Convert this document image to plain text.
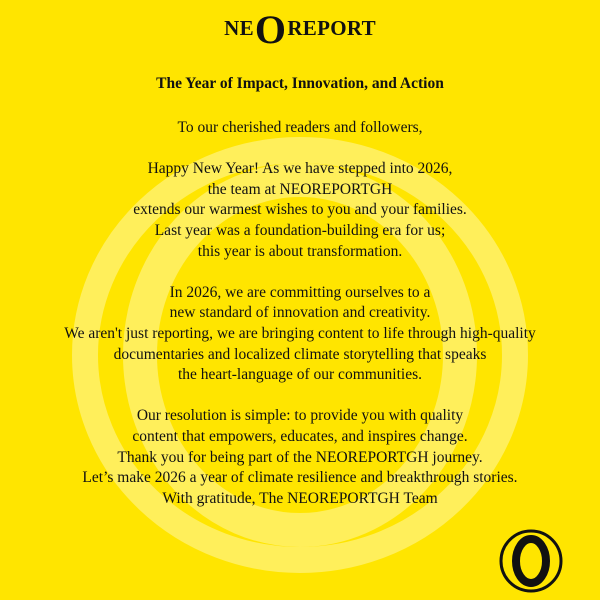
NEOREPORT
The Year of Impact, Innovation, and Action

To our cherished readers and followers,

Happy New Year! As we have stepped into 2026,
the team at NEOREPORTGH
extends our warmest wishes to you and your families.
Last year was a foundation-building era for us;
this year is about transformation.
In 2026, we are committing ourselves to a
new standard of innovation and creativity.
We aren't just reporting, we are bringing content to life through high-quality
documentaries and localized climate storytelling that speaks
the heart-language of our communities.
Our resolution is simple: to provide you with quality
content that empowers, educates, and inspires change.
Thank you for being part of the NEOREPORTGH journey.
Let’s make 2026 a year of climate resilience and breakthrough stories.
With gratitude, The NEOREPORTGH Team
